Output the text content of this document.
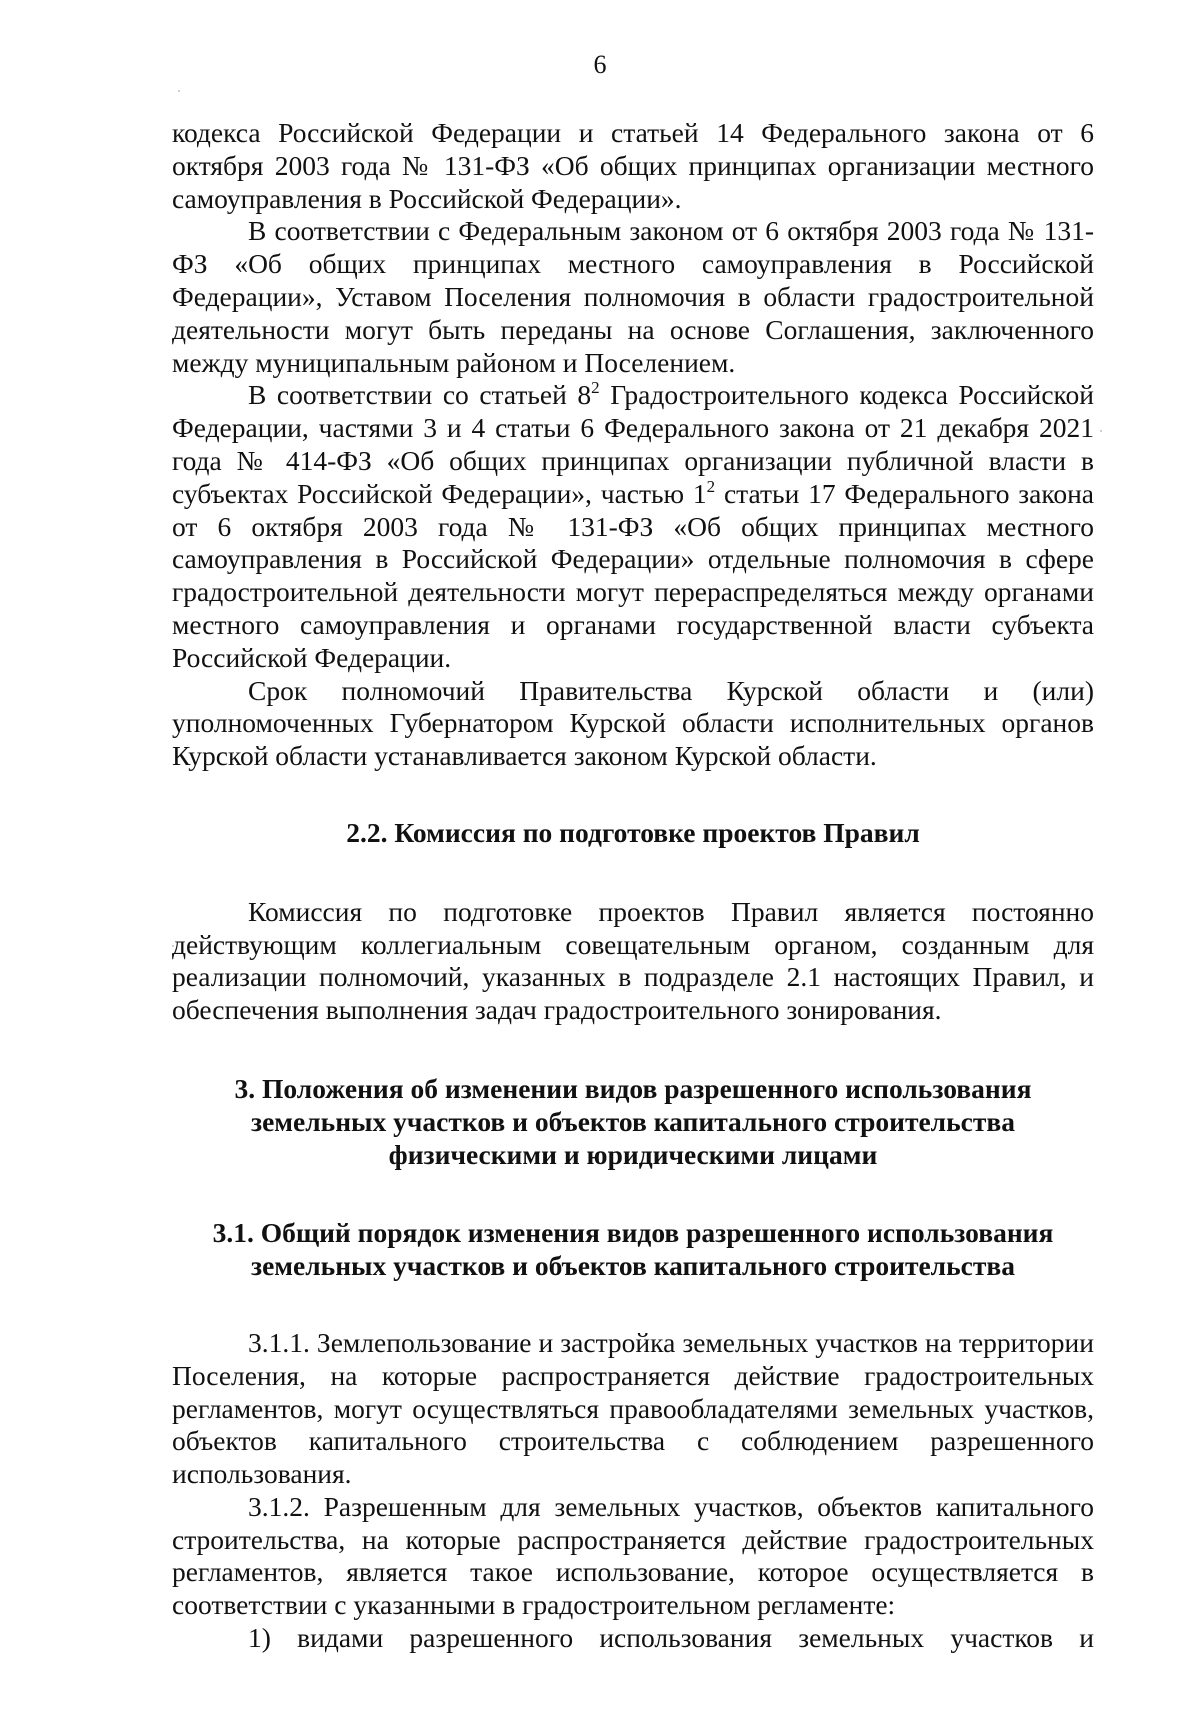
6

кодекса Российской Федерации и статьей 14 Федерального закона от 6 октября 2003 года № 131-ФЗ «Об общих принципах организации местного самоуправления в Российской Федерации».

В соответствии с Федеральным законом от 6 октября 2003 года № 131-ФЗ «Об общих принципах местного самоуправления в Российской Федерации», Уставом Поселения полномочия в области градостроительной деятельности могут быть переданы на основе Соглашения, заключенного между муниципальным районом и Поселением.

В соответствии со статьей $8^2$ Градостроительного кодекса Российской Федерации, частями 3 и 4 статьи 6 Федерального закона от 21 декабря 2021 года № 414-ФЗ «Об общих принципах организации публичной власти в субъектах Российской Федерации», частью $1^2$ статьи 17 Федерального закона от 6 октября 2003 года № 131-ФЗ «Об общих принципах местного самоуправления в Российской Федерации» отдельные полномочия в сфере градостроительной деятельности могут перераспределяться между органами местного самоуправления и органами государственной власти субъекта Российской Федерации.

Срок полномочий Правительства Курской области и (или) уполномоченных Губернатором Курской области исполнительных органов Курской области устанавливается законом Курской области.

2.2. Комиссия по подготовке проектов Правил

Комиссия по подготовке проектов Правил является постоянно действующим коллегиальным совещательным органом, созданным для реализации полномочий, указанных в подразделе 2.1 настоящих Правил, и обеспечения выполнения задач градостроительного зонирования.

3. Положения об изменении видов разрешенного использования

земельных участков и объектов капитального строительства

физическими и юридическими лицами

3.1. Общий порядок изменения видов разрешенного использования

земельных участков и объектов капитального строительства

3.1.1. Землепользование и застройка земельных участков на территории Поселения, на которые распространяется действие градостроительных регламентов, могут осуществляться правообладателями земельных участков, объектов капитального строительства с соблюдением разрешенного использования.

3.1.2. Разрешенным для земельных участков, объектов капитального строительства, на которые распространяется действие градостроительных регламентов, является такое использование, которое осуществляется в соответствии с указанными в градостроительном регламенте:

1) видами разрешенного использования земельных участков и
